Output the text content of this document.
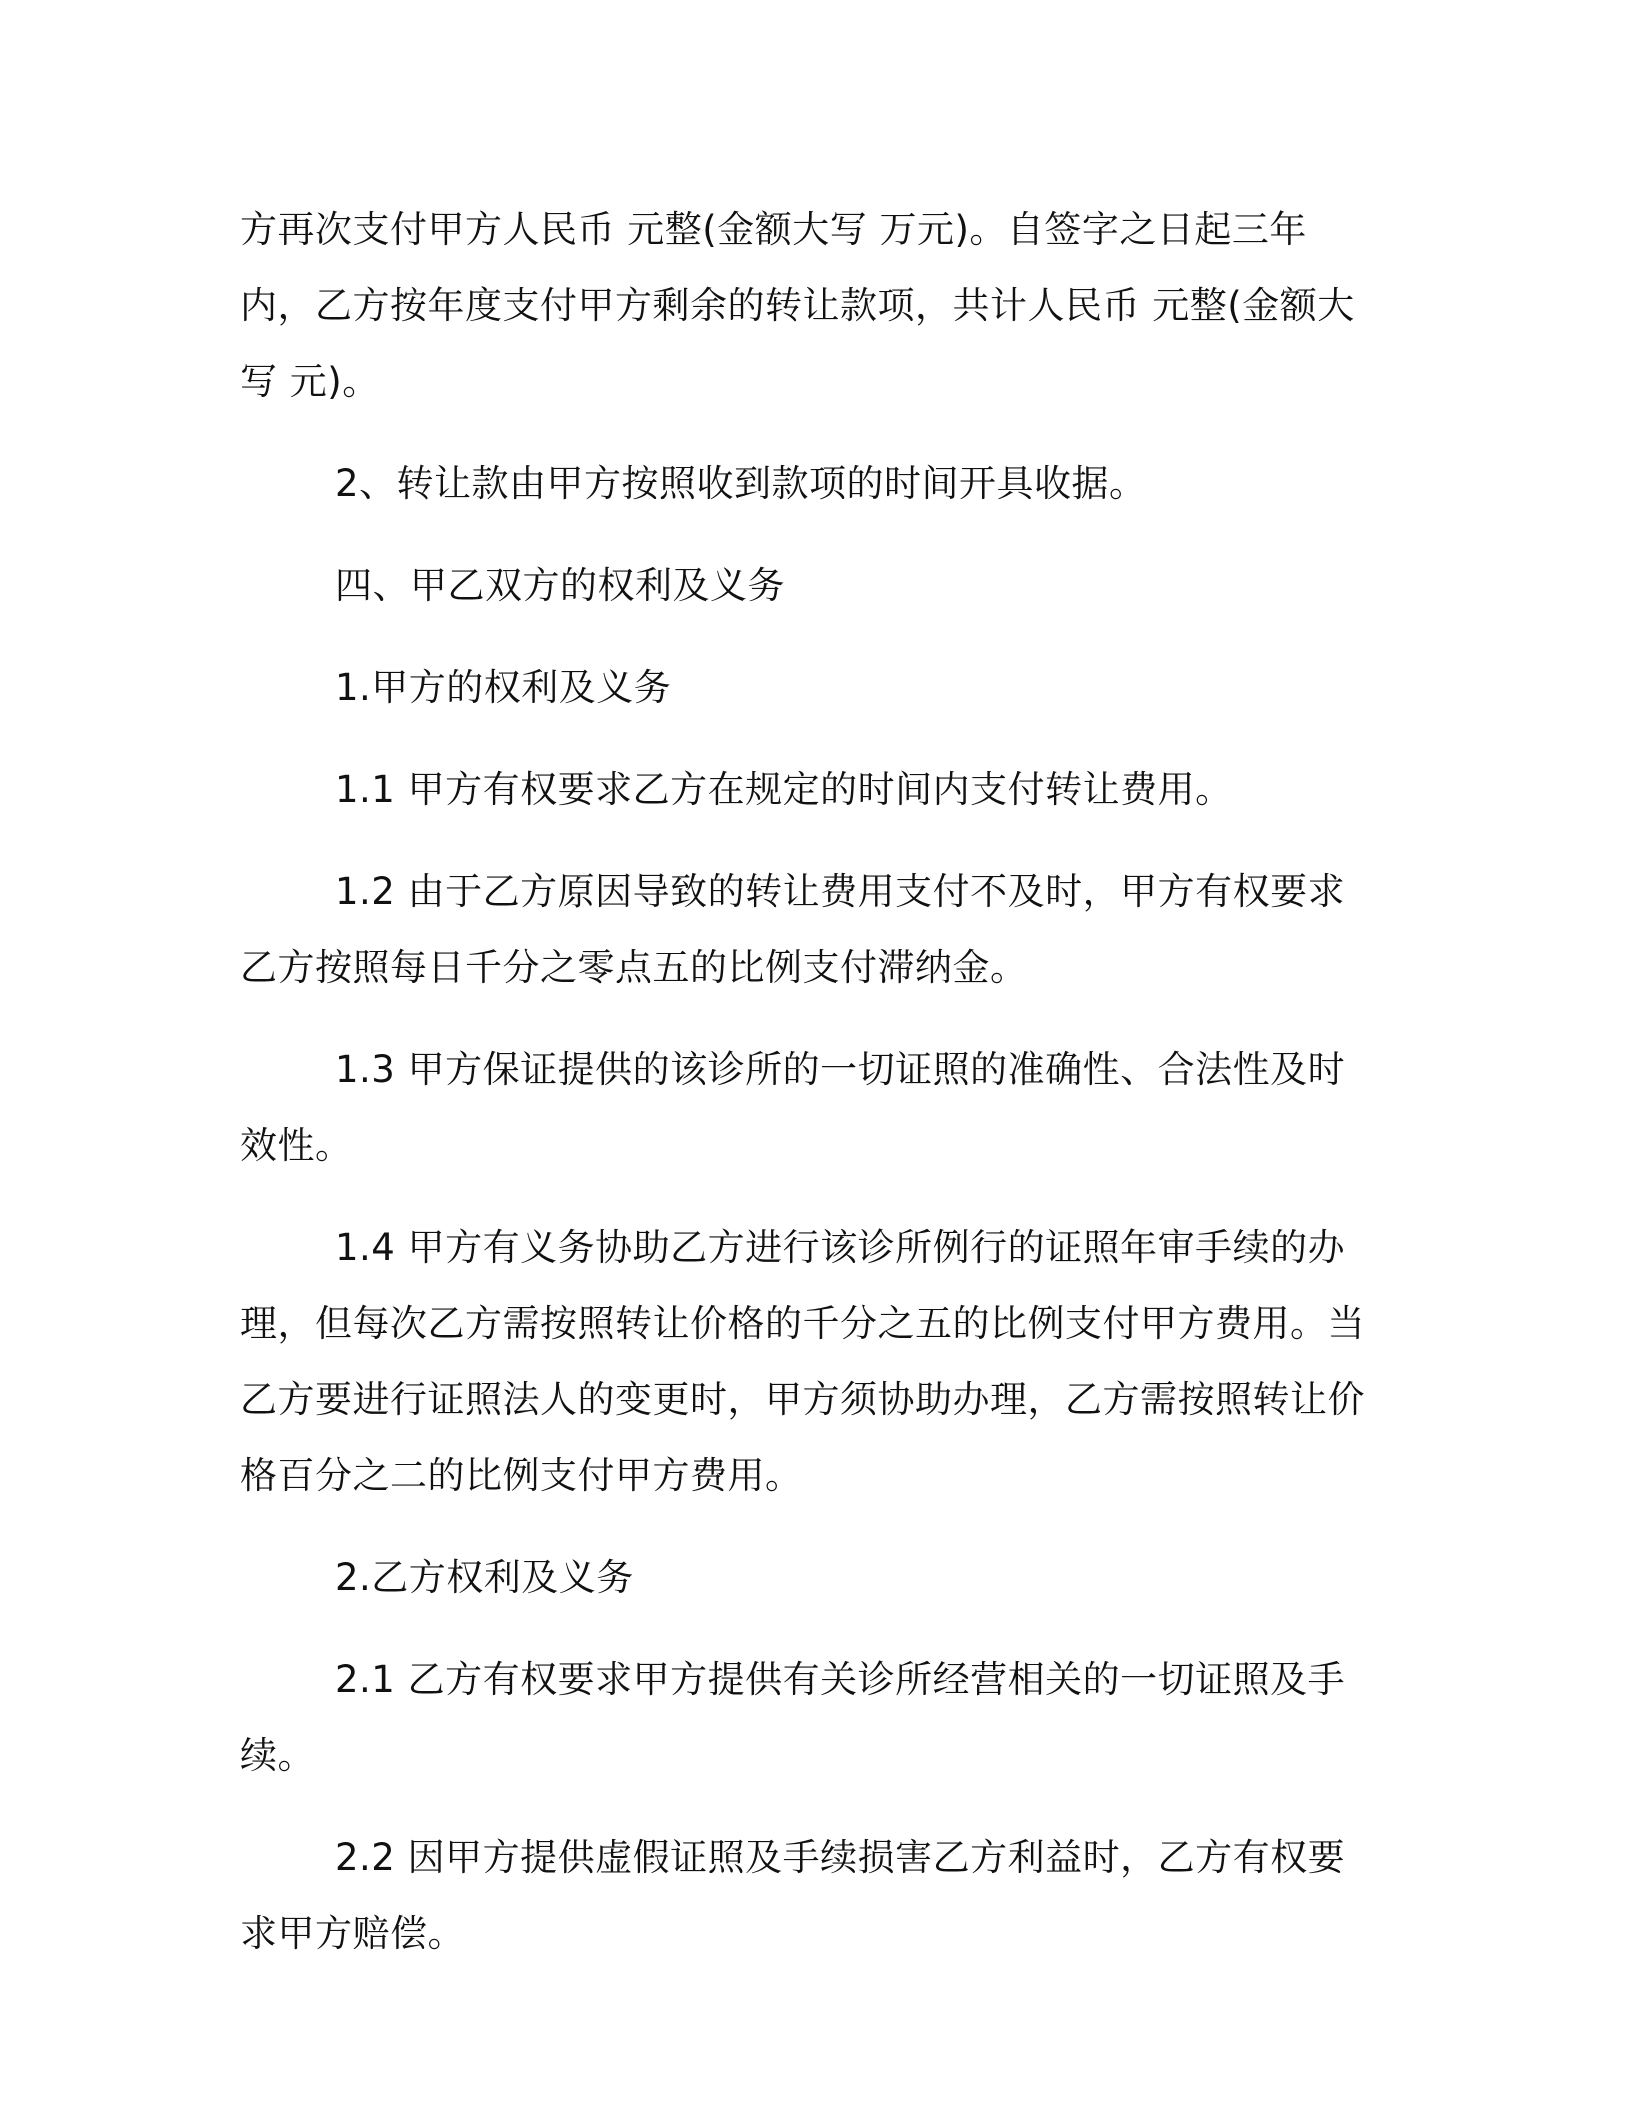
方再次支付甲方人民币 元整(金额大写 万元)。自签字之日起三年内，乙方按年度支付甲方剩余的转让款项，共计人民币 元整(金额大写 元)。

2、转让款由甲方按照收到款项的时间开具收据。

四、甲乙双方的权利及义务

1.甲方的权利及义务

1.1 甲方有权要求乙方在规定的时间内支付转让费用。

1.2 由于乙方原因导致的转让费用支付不及时，甲方有权要求乙方按照每日千分之零点五的比例支付滞纳金。

1.3 甲方保证提供的该诊所的一切证照的准确性、合法性及时效性。

1.4 甲方有义务协助乙方进行该诊所例行的证照年审手续的办理，但每次乙方需按照转让价格的千分之五的比例支付甲方费用。当乙方要进行证照法人的变更时，甲方须协助办理，乙方需按照转让价格百分之二的比例支付甲方费用。

2.乙方权利及义务

2.1 乙方有权要求甲方提供有关诊所经营相关的一切证照及手续。

2.2 因甲方提供虚假证照及手续损害乙方利益时，乙方有权要求甲方赔偿。
